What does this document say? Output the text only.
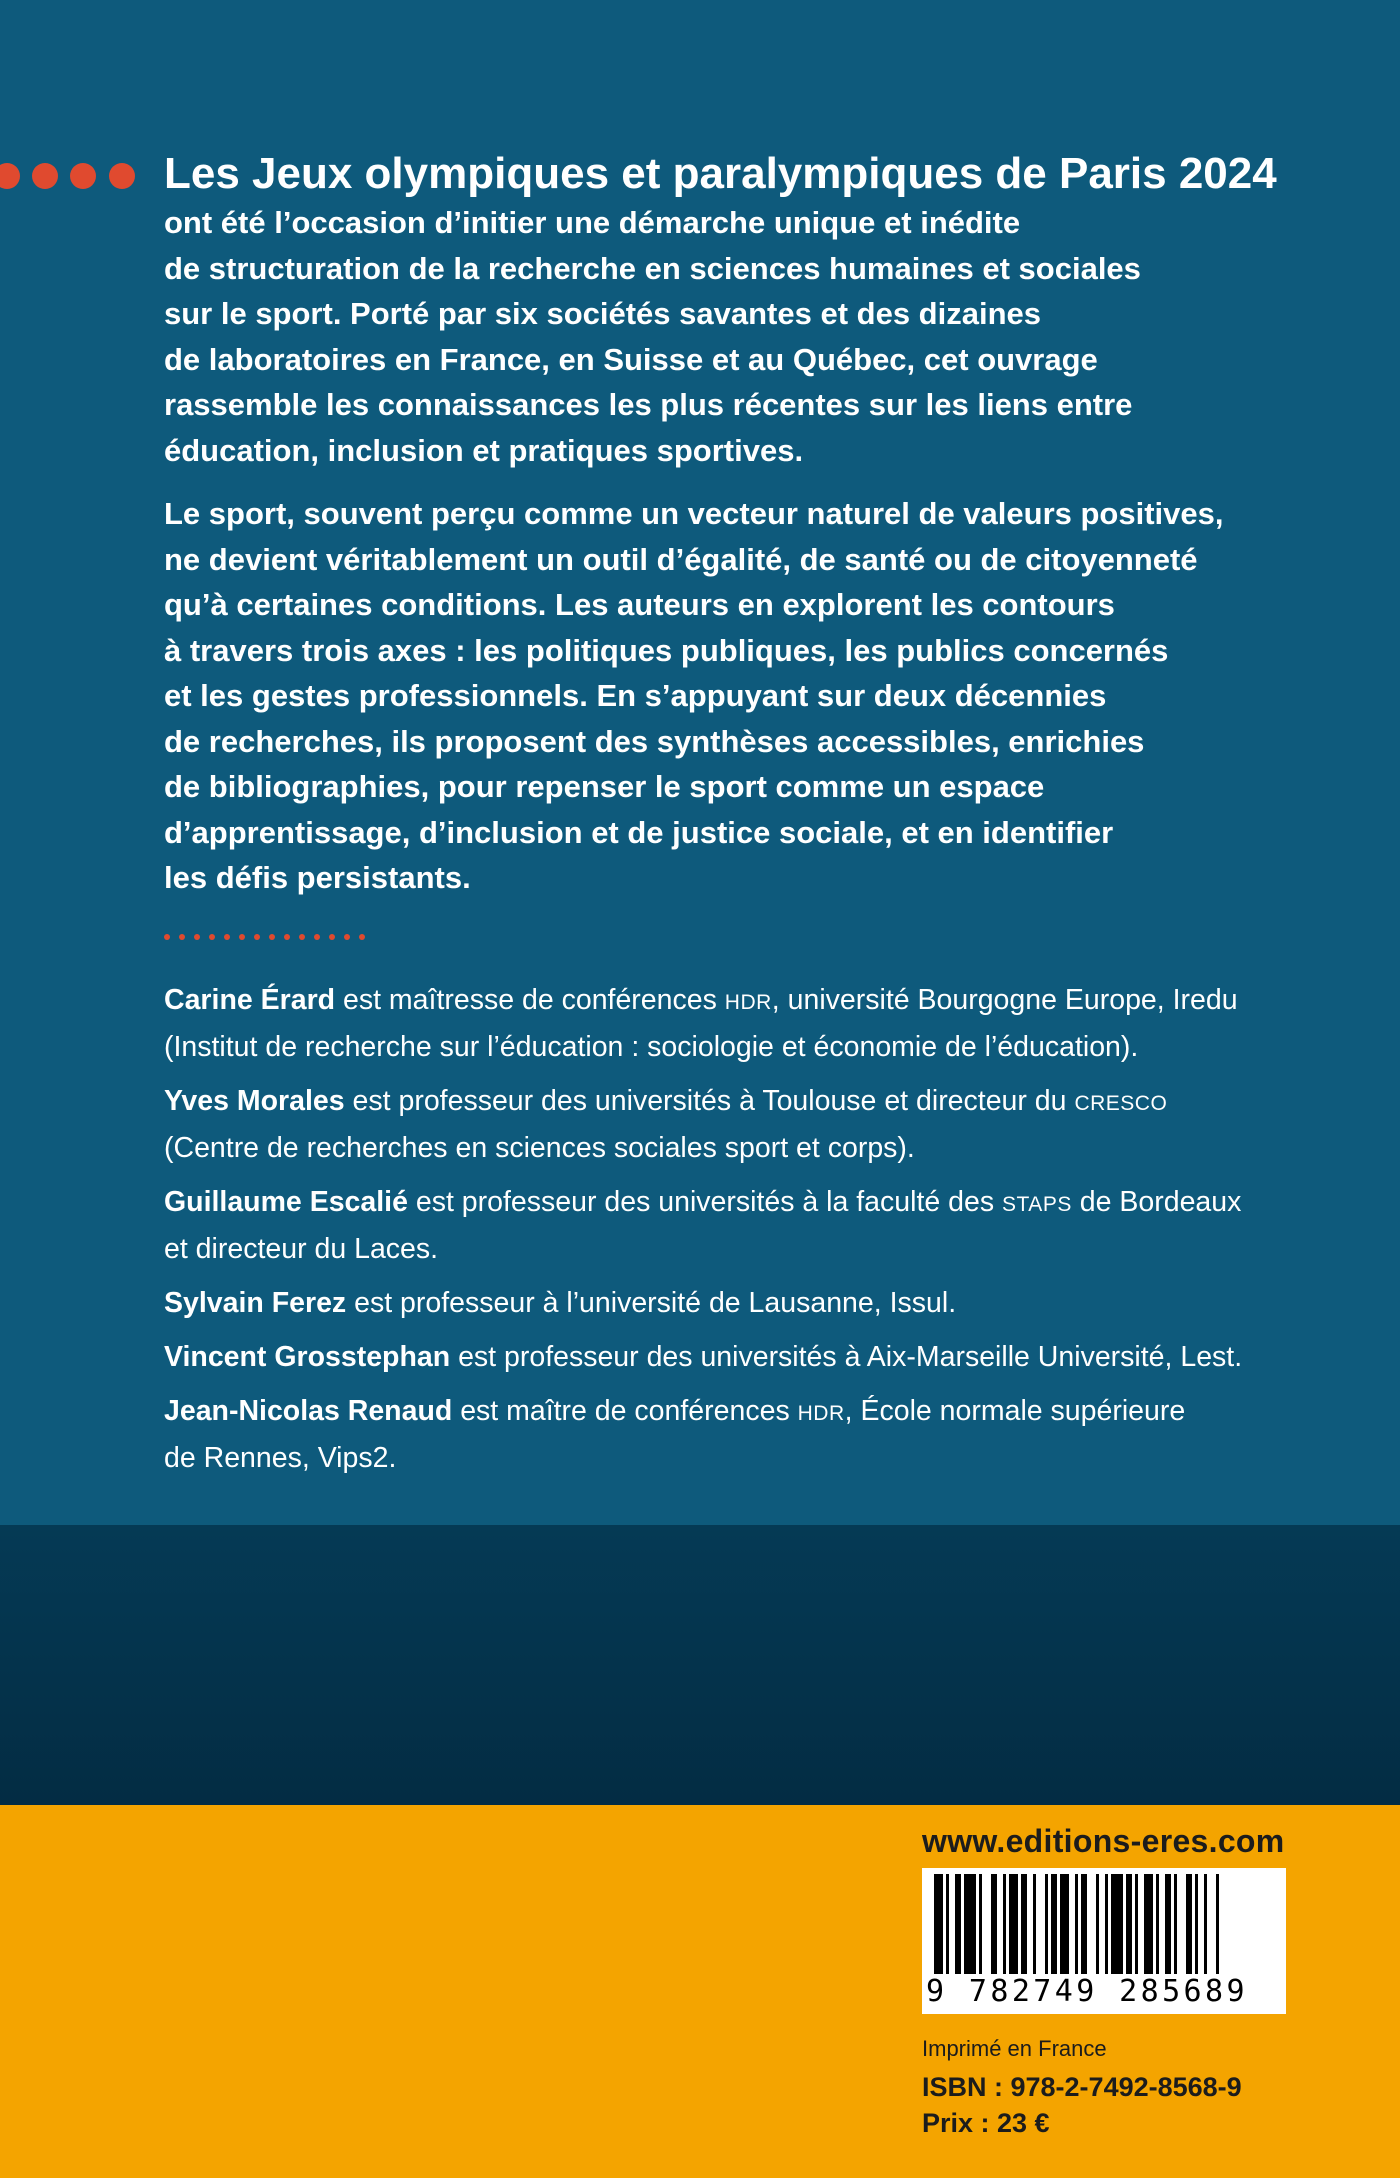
Les Jeux olympiques et paralympiques de Paris 2024

ont été l’occasion d’initier une démarche unique et inédite
de structuration de la recherche en sciences humaines et sociales
sur le sport. Porté par six sociétés savantes et des dizaines
de laboratoires en France, en Suisse et au Québec, cet ouvrage
rassemble les connaissances les plus récentes sur les liens entre
éducation, inclusion et pratiques sportives.

Le sport, souvent perçu comme un vecteur naturel de valeurs positives,
ne devient véritablement un outil d’égalité, de santé ou de citoyenneté
qu’à certaines conditions. Les auteurs en explorent les contours
à travers trois axes : les politiques publiques, les publics concernés
et les gestes professionnels. En s’appuyant sur deux décennies
de recherches, ils proposent des synthèses accessibles, enrichies
de bibliographies, pour repenser le sport comme un espace
d’apprentissage, d’inclusion et de justice sociale, et en identifier
les défis persistants.

Carine Érard est maîtresse de conférences HDR, université Bourgogne Europe, Iredu
(Institut de recherche sur l’éducation : sociologie et économie de l’éducation).

Yves Morales est professeur des universités à Toulouse et directeur du CRESCO
(Centre de recherches en sciences sociales sport et corps).

Guillaume Escalié est professeur des universités à la faculté des STAPS de Bordeaux
et directeur du Laces.

Sylvain Ferez est professeur à l’université de Lausanne, Issul.

Vincent Grosstephan est professeur des universités à Aix-Marseille Université, Lest.

Jean-Nicolas Renaud est maître de conférences HDR, École normale supérieure
de Rennes, Vips2.

www.editions-eres.com
9 782749 285689
Imprimé en France
ISBN : 978-2-7492-8568-9
Prix : 23 €
